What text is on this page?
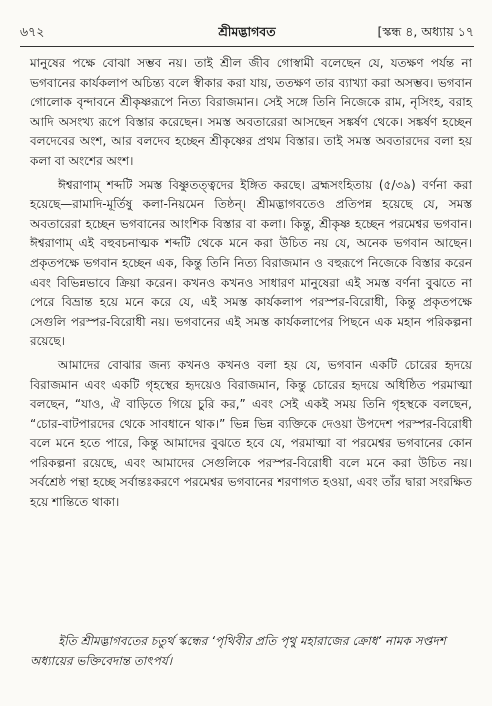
৬৭২	শ্রীমদ্ভাগবত	[স্কন্ধ ৪, অধ্যায় ১৭

মানুষের পক্ষে বোঝা সম্ভব নয়। তাই শ্রীল জীব গোস্বামী বলেছেন যে, যতক্ষণ পর্যন্ত না ভগবানের কার্যকলাপ অচিন্ত্য বলে স্বীকার করা যায়, ততক্ষণ তার ব্যাখ্যা করা অসম্ভব। ভগবান গোলোক বৃন্দাবনে শ্রীকৃষ্ণরূপে নিত্য বিরাজমান। সেই সঙ্গে তিনি নিজেকে রাম, নৃসিংহ, বরাহ আদি অসংখ্য রূপে বিস্তার করেছেন। সমস্ত অবতারেরা আসছেন সঙ্কর্ষণ থেকে। সঙ্কর্ষণ হচ্ছেন বলদেবের অংশ, আর বলদেব হচ্ছেন শ্রীকৃষ্ণের প্রথম বিস্তার। তাই সমস্ত অবতারদের বলা হয় কলা বা অংশের অংশ।

ঈশ্বরাণাম্‌ শব্দটি সমস্ত বিষ্ণুতত্ত্বদের ইঙ্গিত করছে। ব্রহ্মসংহিতায় (৫/৩৯) বর্ণনা করা হয়েছে—রামাদি-মূর্তিষু কলা-নিয়মেন তিষ্ঠন্‌। শ্রীমদ্ভাগবতেও প্রতিপন্ন হয়েছে যে, সমস্ত অবতারেরা হচ্ছেন ভগবানের আংশিক বিস্তার বা কলা। কিন্তু, শ্রীকৃষ্ণ হচ্ছেন পরমেশ্বর ভগবান। ঈশ্বরাণাম্‌ এই বহুবচনাত্মক শব্দটি থেকে মনে করা উচিত নয় যে, অনেক ভগবান আছেন। প্রকৃতপক্ষে ভগবান হচ্ছেন এক, কিন্তু তিনি নিত্য বিরাজমান ও বহুরূপে নিজেকে বিস্তার করেন এবং বিভিন্নভাবে ক্রিয়া করেন। কখনও কখনও সাধারণ মানুষেরা এই সমস্ত বর্ণনা বুঝতে না পেরে বিভ্রান্ত হয়ে মনে করে যে, এই সমস্ত কার্যকলাপ পরস্পর-বিরোধী, কিন্তু প্রকৃতপক্ষে সেগুলি পরস্পর-বিরোধী নয়। ভগবানের এই সমস্ত কার্যকলাপের পিছনে এক মহান পরিকল্পনা রয়েছে।

আমাদের বোঝার জন্য কখনও কখনও বলা হয় যে, ভগবান একটি চোরের হৃদয়ে বিরাজমান এবং একটি গৃহস্থের হৃদয়েও বিরাজমান, কিন্তু চোরের হৃদয়ে অধিষ্ঠিত পরমাত্মা বলছেন, “যাও, ঐ বাড়িতে গিয়ে চুরি কর,” এবং সেই একই সময় তিনি গৃহস্থকে বলছেন, “চোর-বাটপারদের থেকে সাবধানে থাক।” ভিন্ন ভিন্ন ব্যক্তিকে দেওয়া উপদেশ পরস্পর-বিরোধী বলে মনে হতে পারে, কিন্তু আমাদের বুঝতে হবে যে, পরমাত্মা বা পরমেশ্বর ভগবানের কোন পরিকল্পনা রয়েছে, এবং আমাদের সেগুলিকে পরস্পর-বিরোধী বলে মনে করা উচিত নয়। সর্বশ্রেষ্ঠ পন্থা হচ্ছে সর্বান্তঃকরণে পরমেশ্বর ভগবানের শরণাগত হওয়া, এবং তাঁর দ্বারা সংরক্ষিত হয়ে শান্তিতে থাকা।

ইতি শ্রীমদ্ভাগবতের চতুর্থ স্কন্ধের ‘পৃথিবীর প্রতি পৃথু মহারাজের ক্রোধ’ নামক সপ্তদশ অধ্যায়ের ভক্তিবেদান্ত তাৎপর্য।
